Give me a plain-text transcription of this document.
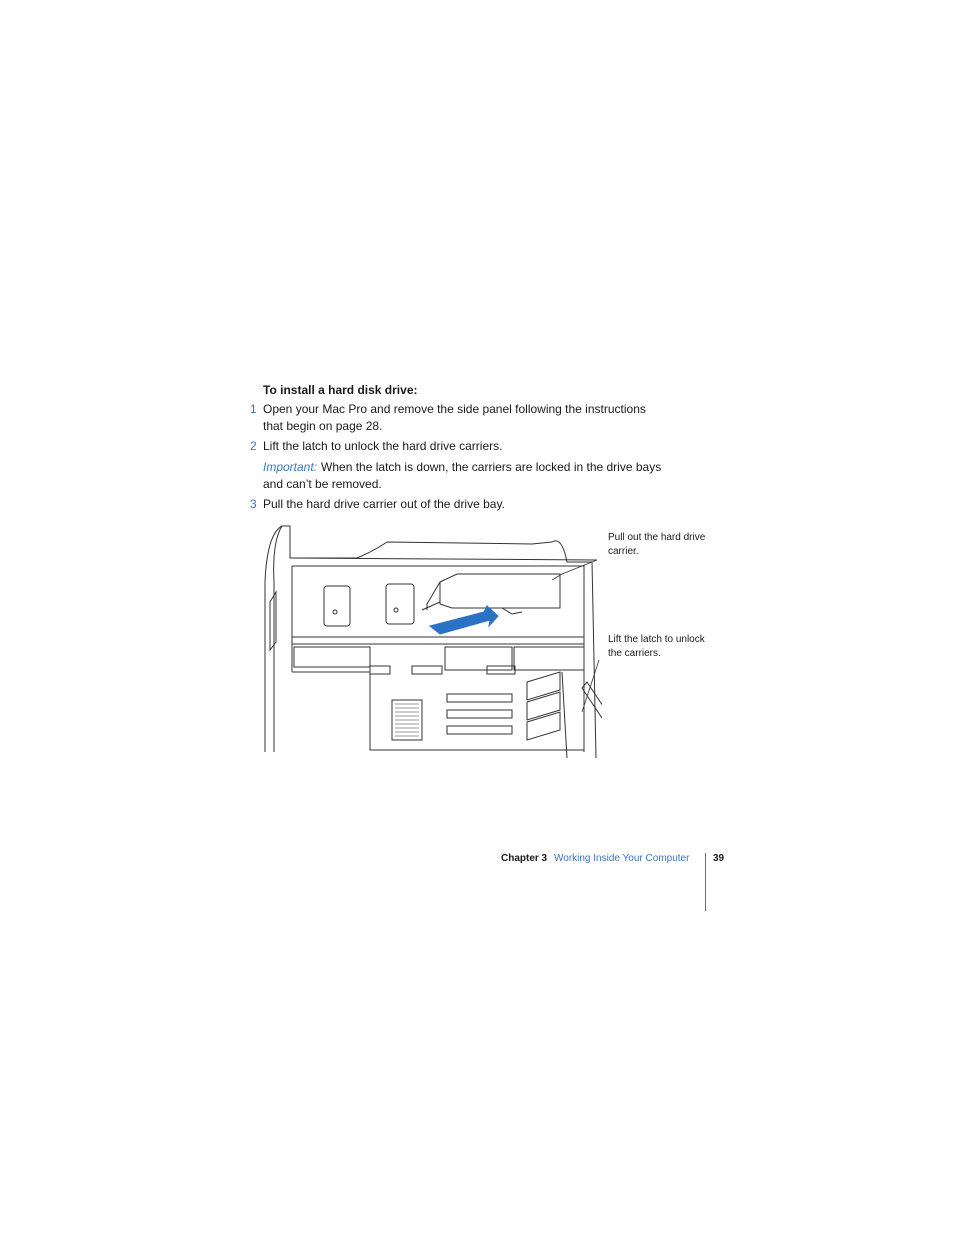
To install a hard disk drive:
1 Open your Mac Pro and remove the side panel following the instructions that begin on page 28.
2 Lift the latch to unlock the hard drive carriers.
Important: When the latch is down, the carriers are locked in the drive bays and can’t be removed.
3 Pull the hard drive carrier out of the drive bay.
Pull out the hard drive carrier.
Lift the latch to unlock the carriers.
Chapter 3 Working Inside Your Computer 39
